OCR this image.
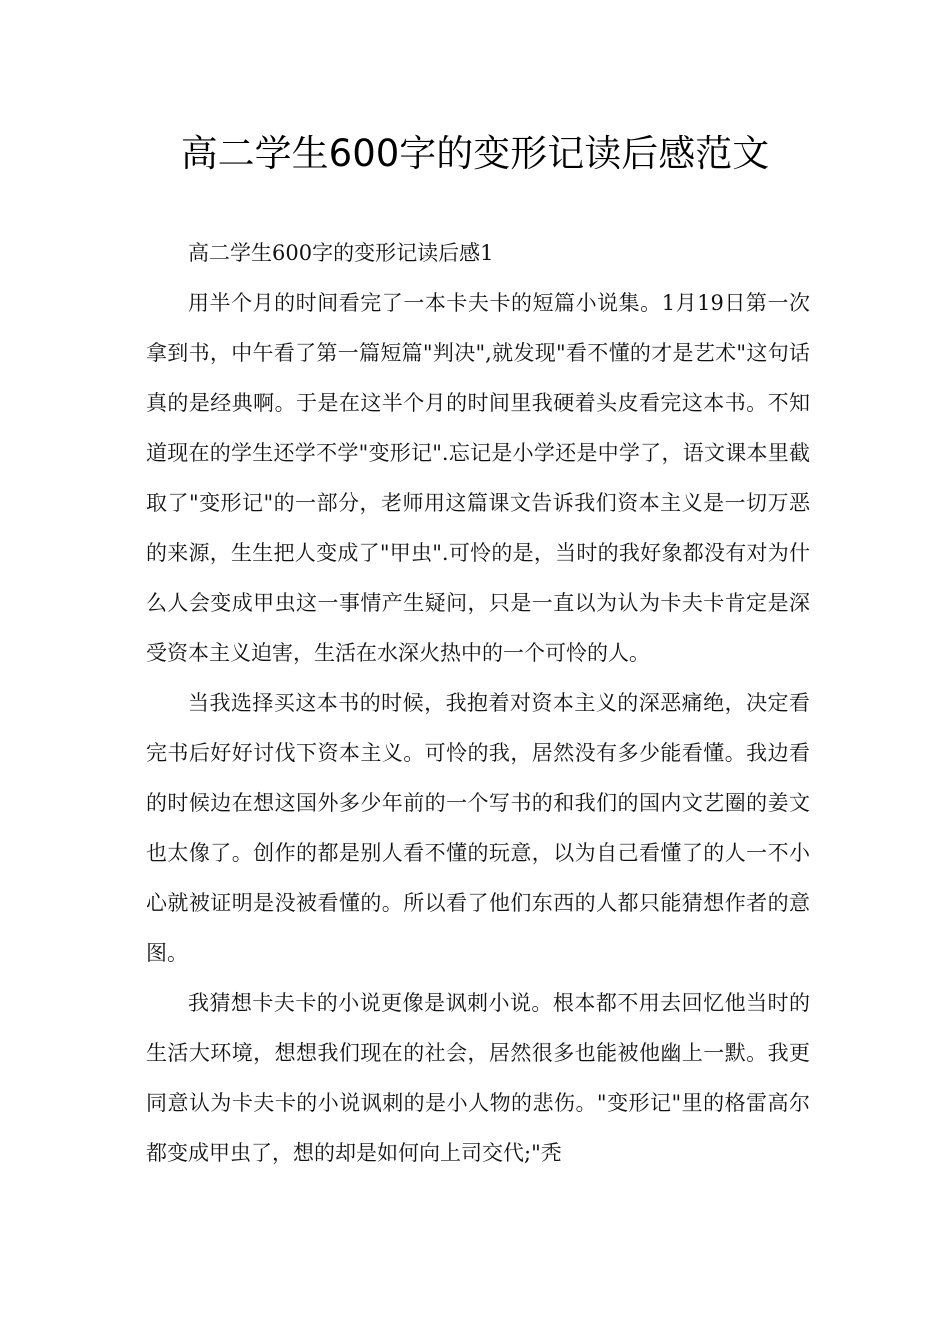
高二学生600字的变形记读后感范文

高二学生600字的变形记读后感1

用半个月的时间看完了一本卡夫卡的短篇小说集。1月19日第一次拿到书，中午看了第一篇短篇"判决",就发现"看不懂的才是艺术"这句话真的是经典啊。于是在这半个月的时间里我硬着头皮看完这本书。不知道现在的学生还学不学"变形记".忘记是小学还是中学了，语文课本里截取了"变形记"的一部分，老师用这篇课文告诉我们资本主义是一切万恶的来源，生生把人变成了"甲虫".可怜的是，当时的我好象都没有对为什么人会变成甲虫这一事情产生疑问，只是一直以为认为卡夫卡肯定是深受资本主义迫害，生活在水深火热中的一个可怜的人。

当我选择买这本书的时候，我抱着对资本主义的深恶痛绝，决定看完书后好好讨伐下资本主义。可怜的我，居然没有多少能看懂。我边看的时候边在想这国外多少年前的一个写书的和我们的国内文艺圈的姜文也太像了。创作的都是别人看不懂的玩意，以为自己看懂了的人一不小心就被证明是没被看懂的。所以看了他们东西的人都只能猜想作者的意图。

我猜想卡夫卡的小说更像是讽刺小说。根本都不用去回忆他当时的生活大环境，想想我们现在的社会，居然很多也能被他幽上一默。我更同意认为卡夫卡的小说讽刺的是小人物的悲伤。"变形记"里的格雷高尔都变成甲虫了，想的却是如何向上司交代;"秃
